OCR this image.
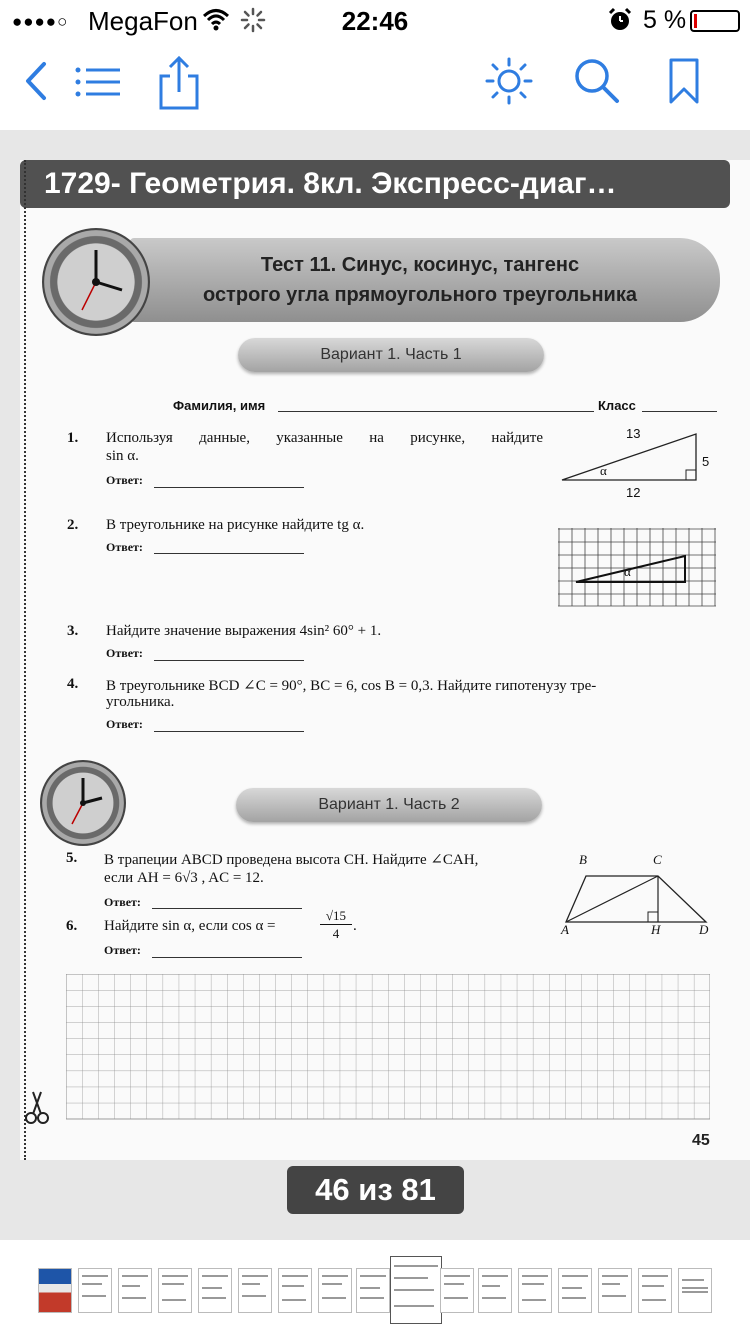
●●●●○ MegaFon	22:46	5 %
Тест 11. Синус, косинус, тангенс
острого угла прямоугольного треугольника
Вариант 1. Часть 1
Фамилия, имя	Класс
1. Используя данные, указанные на рисунке, найдите
sin α.
Ответ:
13
5
12
α
2. В треугольнике на рисунке найдите tg α.
Ответ:
α
3. Найдите значение выражения 4sin² 60° + 1.
Ответ:
4. В треугольнике BCD ∠C = 90°, BC = 6, cos B = 0,3. Найдите гипотенузу тре-
угольника.
Ответ:
Вариант 1. Часть 2
5. В трапеции ABCD проведена высота CH. Найдите ∠CAH,
если AH = 6√3 , AC = 12.
Ответ:
B	C
A	H	D
6. Найдите sin α, если cos α =
√15
4 .
Ответ:
45
1729- Геометрия. 8кл. Экспресс-диаг…
46 из 81
